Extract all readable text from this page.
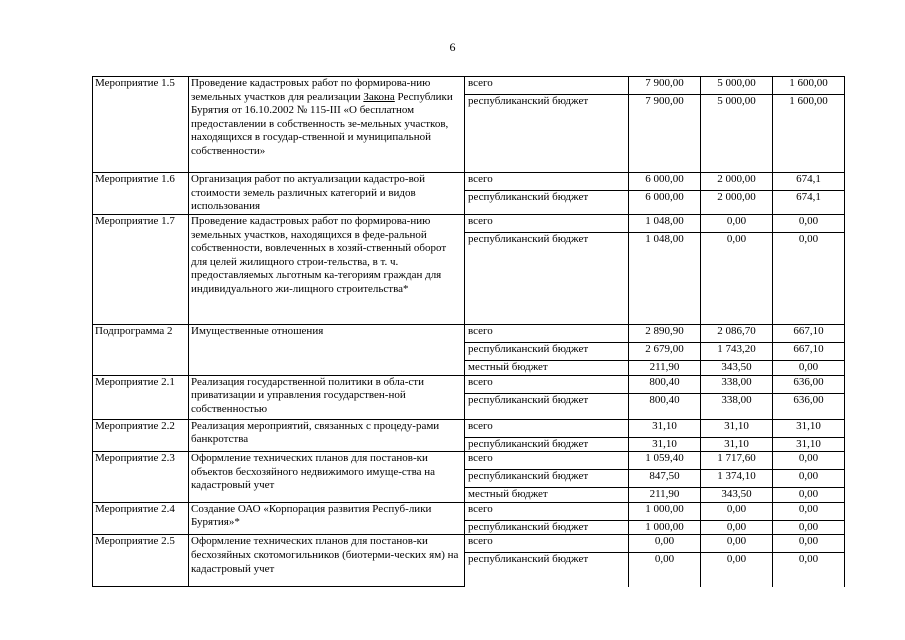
6
Мероприятие 1.5	Проведение кадастровых работ по формирова-нию земельных участков для реализации Закона Республики Бурятия от 16.10.2002 № 115-III «О бесплатном предоставлении в собственность зе-мельных участков, находящихся в государ-ственной и муниципальной собственности»	всего	7 900,00	5 000,00	1 600,00
		республиканский бюджет	7 900,00	5 000,00	1 600,00
Мероприятие 1.6	Организация работ по актуализации кадастро-вой стоимости земель различных категорий и видов использования	всего	6 000,00	2 000,00	674,1
		республиканский бюджет	6 000,00	2 000,00	674,1
Мероприятие 1.7	Проведение кадастровых работ по формирова-нию земельных участков, находящихся в феде-ральной собственности, вовлеченных в хозяй-ственный оборот для целей жилищного строи-тельства, в т. ч. предоставляемых льготным ка-тегориям граждан для индивидуального жи-лищного строительства*	всего	1 048,00	0,00	0,00
		республиканский бюджет	1 048,00	0,00	0,00
Подпрограмма 2	Имущественные отношения	всего	2 890,90	2 086,70	667,10
		республиканский бюджет	2 679,00	1 743,20	667,10
		местный бюджет	211,90	343,50	0,00
Мероприятие 2.1	Реализация государственной политики в обла-сти приватизации и управления государствен-ной собственностью	всего	800,40	338,00	636,00
		республиканский бюджет	800,40	338,00	636,00
Мероприятие 2.2	Реализация мероприятий, связанных с процеду-рами банкротства	всего	31,10	31,10	31,10
		республиканский бюджет	31,10	31,10	31,10
Мероприятие 2.3	Оформление технических планов для постанов-ки объектов бесхозяйного недвижимого имуще-ства на кадастровый учет	всего	1 059,40	1 717,60	0,00
		республиканский бюджет	847,50	1 374,10	0,00
		местный бюджет	211,90	343,50	0,00
Мероприятие 2.4	Создание ОАО «Корпорация развития Респуб-лики Бурятия»*	всего	1 000,00	0,00	0,00
		республиканский бюджет	1 000,00	0,00	0,00
Мероприятие 2.5	Оформление технических планов для постанов-ки бесхозяйных скотомогильников (биотерми-ческих ям) на кадастровый учет	всего	0,00	0,00	0,00
		республиканский бюджет	0,00	0,00	0,00
